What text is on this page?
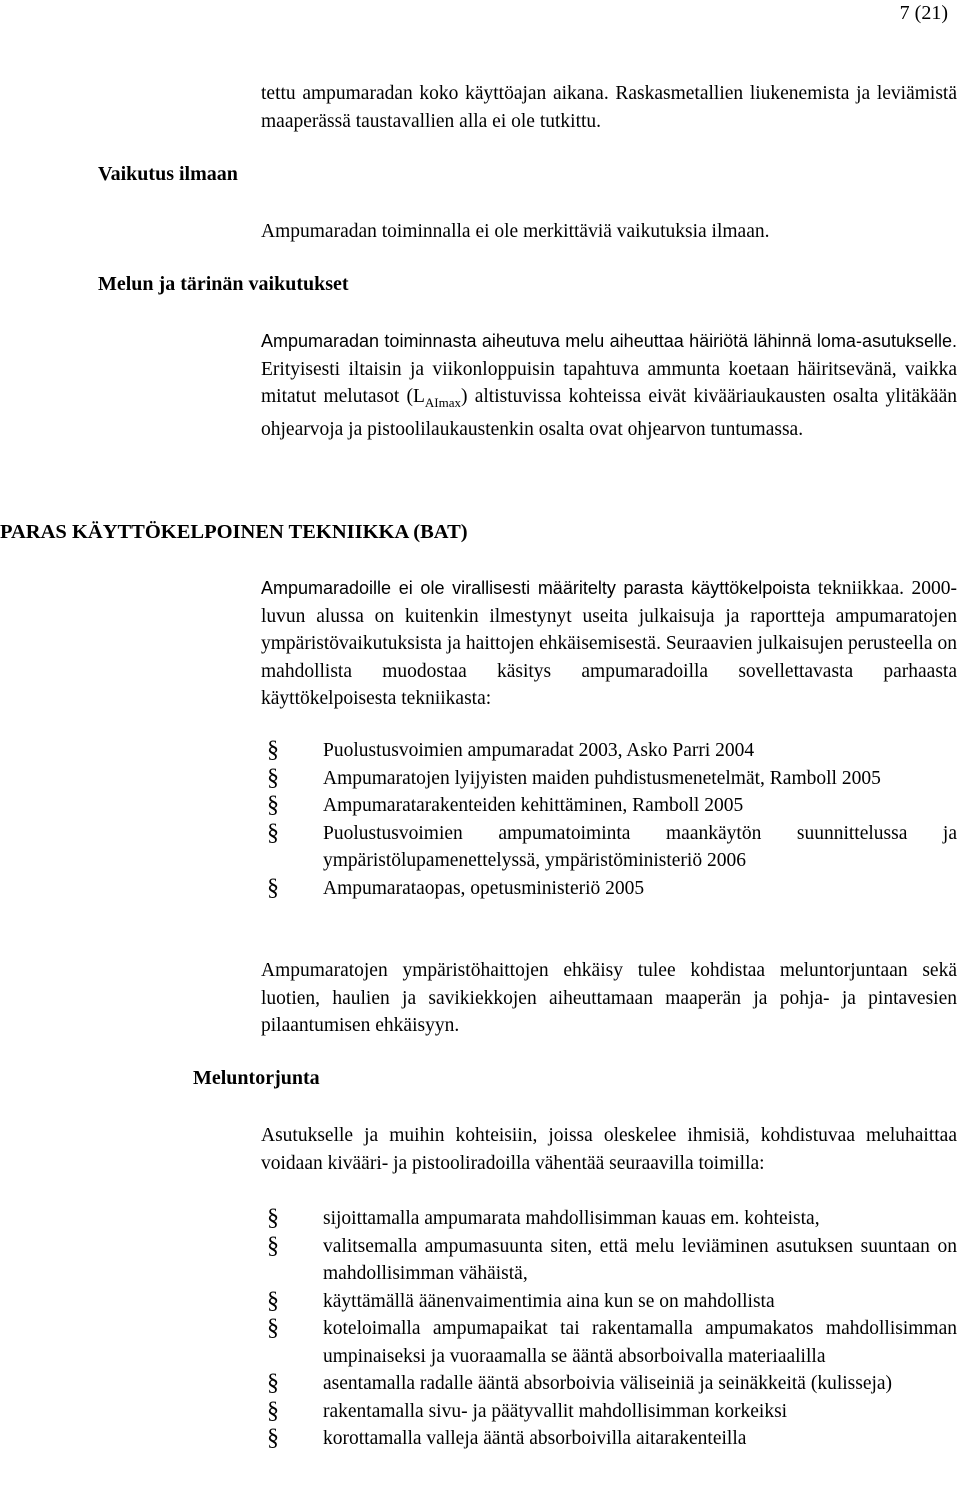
7 (21)
tettu ampumaradan koko käyttöajan aikana. Raskasmetallien liukenemista ja leviämistä maaperässä taustavallien alla ei ole tutkittu.
Vaikutus ilmaan
Ampumaradan toiminnalla ei ole merkittäviä vaikutuksia ilmaan.
Melun ja tärinän vaikutukset
Ampumaradan toiminnasta aiheutuva melu aiheuttaa häiriötä lähinnä loma-asutukselle. Erityisesti iltaisin ja viikonloppuisin tapahtuva ammunta koetaan häiritsevänä, vaikka mitatut melutasot $(L_{AImax})$ altistuvissa kohteissa eivät kivääriaukausten osalta ylitäkään ohjearvoja ja pistoolilaukaustenkin osalta ovat ohjearvon tuntumassa.
PARAS KÄYTTÖKELPOINEN TEKNIIKKA (BAT)
Ampumaradoille ei ole virallisesti määritelty parasta käyttökelpoista tekniikkaa. 2000-luvun alussa on kuitenkin ilmestynyt useita julkaisuja ja raportteja ampumaratojen ympäristövaikutuksista ja haittojen ehkäisemisestä. Seuraavien julkaisujen perusteella on mahdollista muodostaa käsitys ampumaradoilla sovellettavasta parhaasta käyttökelpoisesta tekniikasta:
§ Puolustusvoimien ampumaradat 2003, Asko Parri 2004
§ Ampumaratojen lyijyisten maiden puhdistusmenetelmät, Ramboll 2005
§ Ampumaratarakenteiden kehittäminen, Ramboll 2005
§ Puolustusvoimien ampumatoiminta maankäytön suunnittelussa ja ympäristölupamenettelyssä, ympäristöministeriö 2006
§ Ampumarataopas, opetusministeriö 2005
Ampumaratojen ympäristöhaittojen ehkäisy tulee kohdistaa meluntorjuntaan sekä luotien, haulien ja savikiekkojen aiheuttamaan maaperän ja pohja- ja pintavesien pilaantumisen ehkäisyyn.
Meluntorjunta
Asutukselle ja muihin kohteisiin, joissa oleskelee ihmisiä, kohdistuvaa meluhaittaa voidaan kivääri- ja pistooliradoilla vähentää seuraavilla toimilla:
§ sijoittamalla ampumarata mahdollisimman kauas em. kohteista,
§ valitsemalla ampumasuunta siten, että melu leviäminen asutuksen suuntaan on mahdollisimman vähäistä,
§ käyttämällä äänenvaimentimia aina kun se on mahdollista
§ koteloimalla ampumapaikat tai rakentamalla ampumakatos mahdollisimman umpinaiseksi ja vuoraamalla se ääntä absorboivalla materiaalilla
§ asentamalla radalle ääntä absorboivia väliseiniä ja seinäkkeitä (kulisseja)
§ rakentamalla sivu- ja päätyvallit mahdollisimman korkeiksi
§ korottamalla valleja ääntä absorboivilla aitarakenteilla
